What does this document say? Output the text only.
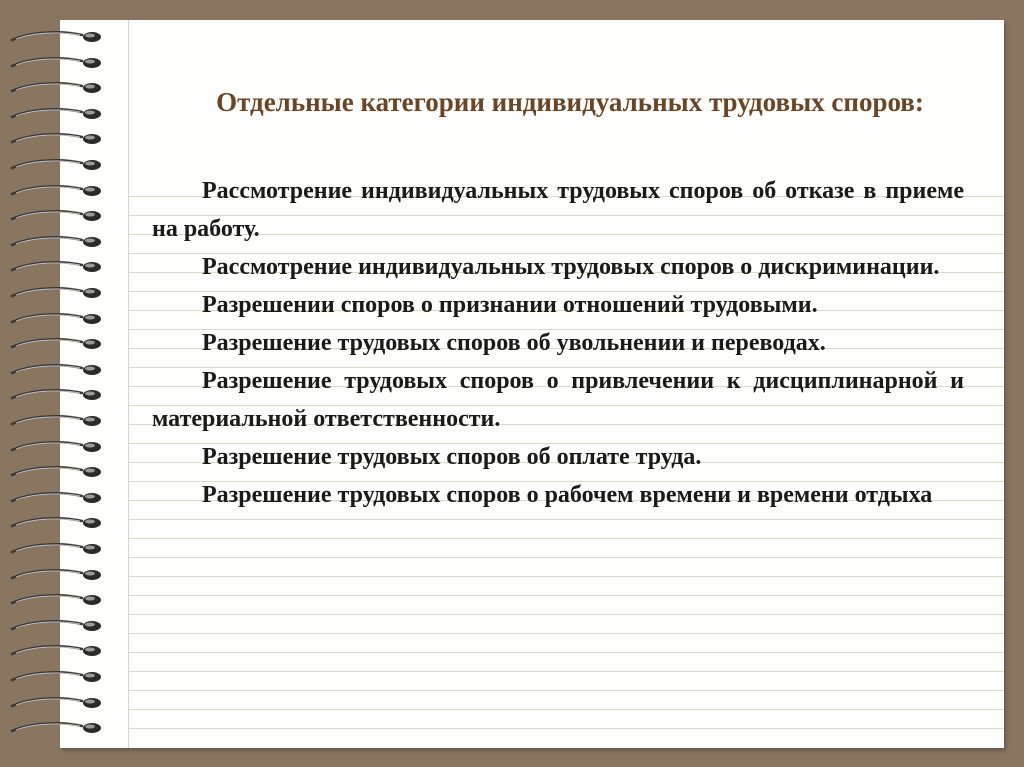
Отдельные категории индивидуальных трудовых споров:
Рассмотрение индивидуальных трудовых споров об отказе в приеме на работу.
Рассмотрение индивидуальных трудовых споров о дискриминации.
Разрешении споров о признании отношений трудовыми.
Разрешение трудовых споров об увольнении и переводах.
Разрешение трудовых споров о привлечении к дисциплинарной и материальной ответственности.
Разрешение трудовых споров об оплате труда.
Разрешение трудовых споров о рабочем времени и времени отдыха
